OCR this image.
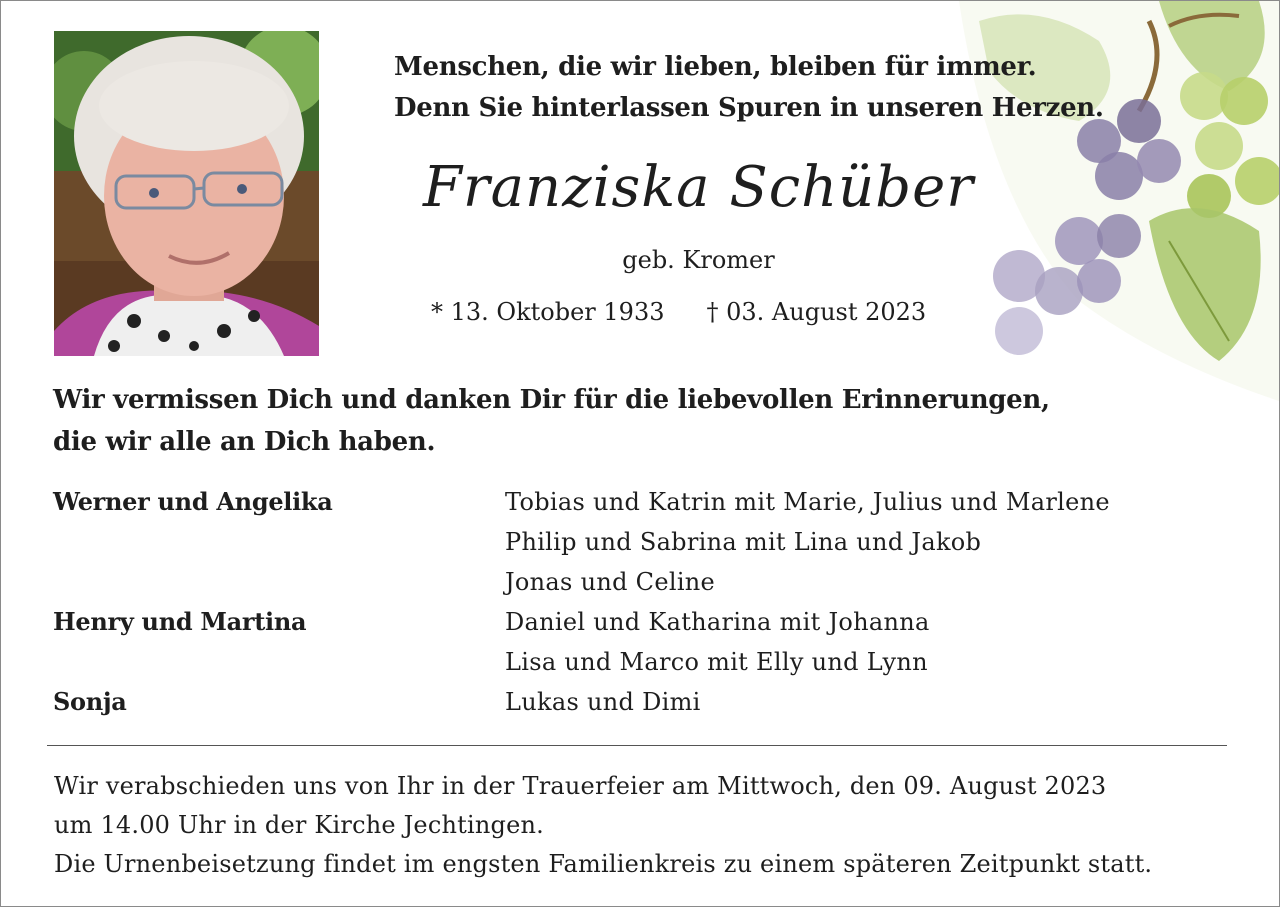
Menschen, die wir lieben, bleiben für immer.
Denn Sie hinterlassen Spuren in unseren Herzen.
Franziska Schüber
geb. Kromer
* 13. Oktober 1933 † 03. August 2023
Wir vermissen Dich und danken Dir für die liebevollen Erinnerungen,
die wir alle an Dich haben.
Werner und Angelika	Tobias und Katrin mit Marie, Julius und Marlene
Philip und Sabrina mit Lina und Jakob
Jonas und Celine
Henry und Martina	Daniel und Katharina mit Johanna
Lisa und Marco mit Elly und Lynn
Sonja	Lukas und Dimi
Wir verabschieden uns von Ihr in der Trauerfeier am Mittwoch, den 09. August 2023
um 14.00 Uhr in der Kirche Jechtingen.
Die Urnenbeisetzung findet im engsten Familienkreis zu einem späteren Zeitpunkt statt.
